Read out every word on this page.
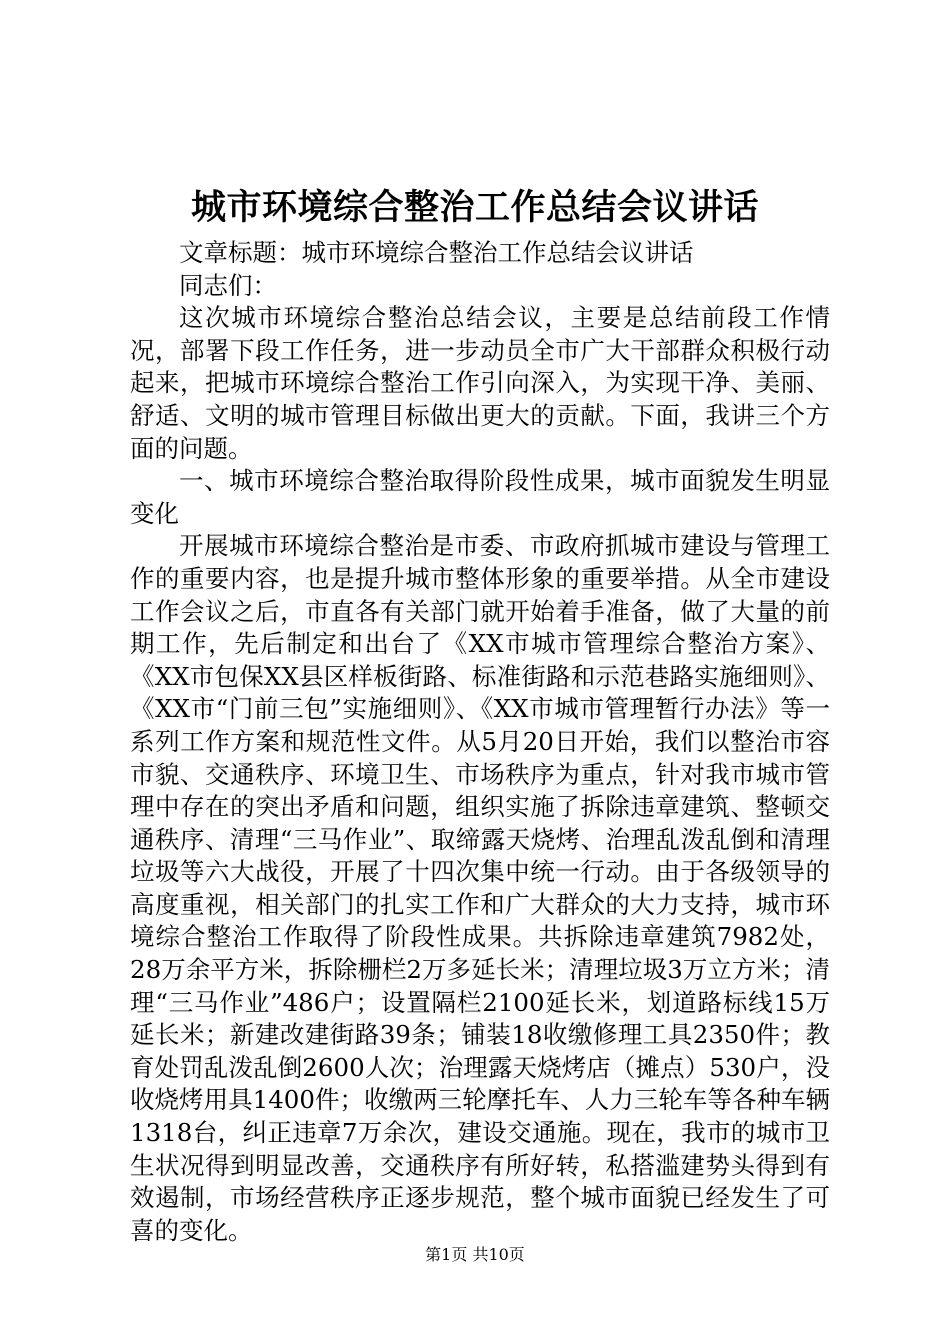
城市环境综合整治工作总结会议讲话

文章标题：城市环境综合整治工作总结会议讲话

同志们：

这次城市环境综合整治总结会议，主要是总结前段工作情况，部署下段工作任务，进一步动员全市广大干部群众积极行动起来，把城市环境综合整治工作引向深入，为实现干净、美丽、舒适、文明的城市管理目标做出更大的贡献。下面，我讲三个方面的问题。

一、城市环境综合整治取得阶段性成果，城市面貌发生明显变化

开展城市环境综合整治是市委、市政府抓城市建设与管理工作的重要内容，也是提升城市整体形象的重要举措。从全市建设工作会议之后，市直各有关部门就开始着手准备，做了大量的前期工作，先后制定和出台了《XX市城市管理综合整治方案》、《XX市包保XX县区样板街路、标准街路和示范巷路实施细则》、《XX市“门前三包”实施细则》、《XX市城市管理暂行办法》等一系列工作方案和规范性文件。从5月20日开始，我们以整治市容市貌、交通秩序、环境卫生、市场秩序为重点，针对我市城市管理中存在的突出矛盾和问题，组织实施了拆除违章建筑、整顿交通秩序、清理“三马作业”、取缔露天烧烤、治理乱泼乱倒和清理垃圾等六大战役，开展了十四次集中统一行动。由于各级领导的高度重视，相关部门的扎实工作和广大群众的大力支持，城市环境综合整治工作取得了阶段性成果。共拆除违章建筑7982处，28万余平方米，拆除栅栏2万多延长米；清理垃圾3万立方米；清理“三马作业”486户；设置隔栏2100延长米，划道路标线15万延长米；新建改建街路39条；铺装18收缴修理工具2350件；教育处罚乱泼乱倒2600人次；治理露天烧烤店（摊点）530户，没收烧烤用具1400件；收缴两三轮摩托车、人力三轮车等各种车辆1318台，纠正违章7万余次，建设交通施。现在，我市的城市卫生状况得到明显改善，交通秩序有所好转，私搭滥建势头得到有效遏制，市场经营秩序正逐步规范，整个城市面貌已经发生了可喜的变化。

第1页 共10页
